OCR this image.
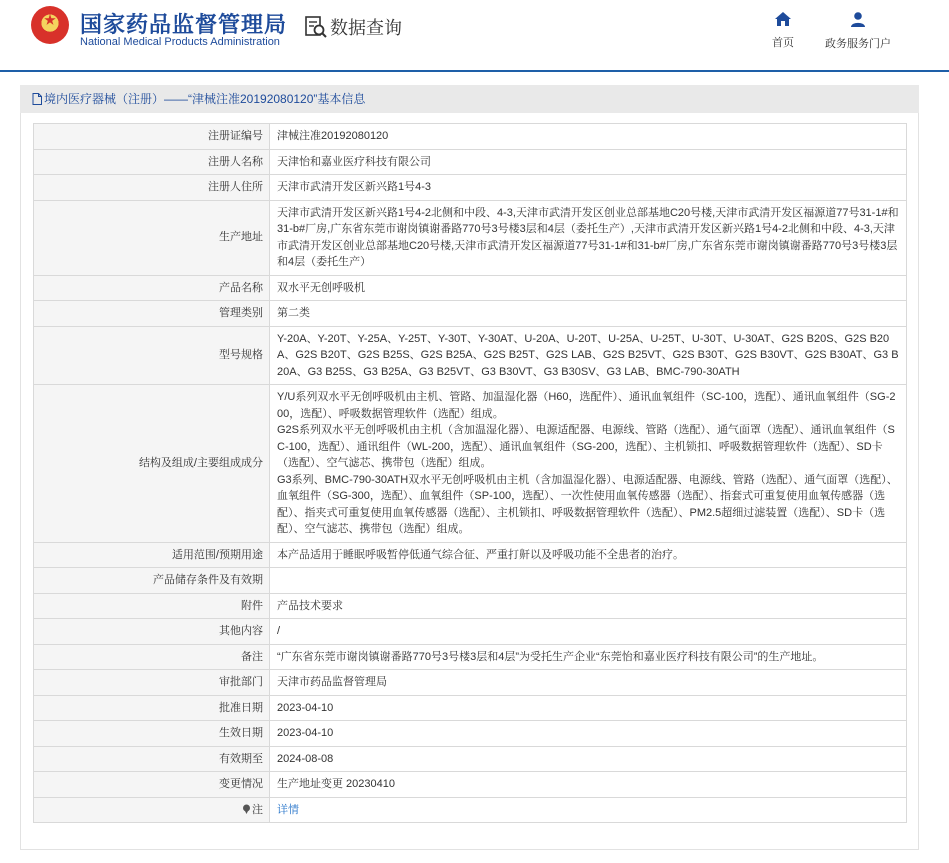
国家药品监督管理局
National Medical Products Administration
数据查询
首页	政务服务门户
境内医疗器械（注册）——“津械注准20192080120”基本信息
注册证编号	津械注准20192080120
注册人名称	天津怡和嘉业医疗科技有限公司
注册人住所	天津市武清开发区新兴路1号4-3
生产地址	天津市武清开发区新兴路1号4-2北侧和中段、4-3,天津市武清开发区创业总部基地C20号楼,天津市武清开发区福源道77号31-1#和31-b#厂房,广东省东莞市谢岗镇谢番路770号3号楼3层和4层（委托生产）,天津市武清开发区新兴路1号4-2北侧和中段、4-3,天津市武清开发区创业总部基地C20号楼,天津市武清开发区福源道77号31-1#和31-b#厂房,广东省东莞市谢岗镇谢番路770号3号楼3层和4层（委托生产）
产品名称	双水平无创呼吸机
管理类别	第二类
型号规格	Y-20A、Y-20T、Y-25A、Y-25T、Y-30T、Y-30AT、U-20A、U-20T、U-25A、U-25T、U-30T、U-30AT、G2S B20S、G2S B20A、G2S B20T、G2S B25S、G2S B25A、G2S B25T、G2S LAB、G2S B25VT、G2S B30T、G2S B30VT、G2S B30AT、G3 B20A、G3 B25S、G3 B25A、G3 B25VT、G3 B30VT、G3 B30SV、G3 LAB、BMC-790-30ATH
结构及组成/主要组成成分	Y/U系列双水平无创呼吸机由主机、管路、加温湿化器（H60，选配件）、通讯血氧组件（SC-100，选配）、通讯血氧组件（SG-200，选配）、呼吸数据管理软件（选配）组成。
G2S系列双水平无创呼吸机由主机（含加温湿化器）、电源适配器、电源线、管路（选配）、通气面罩（选配）、通讯血氧组件（SC-100，选配）、通讯组件（WL-200，选配）、通讯血氧组件（SG-200，选配）、主机锁扣、呼吸数据管理软件（选配）、SD卡（选配）、空气滤芯、携带包（选配）组成。
G3系列、BMC-790-30ATH双水平无创呼吸机由主机（含加温湿化器）、电源适配器、电源线、管路（选配）、通气面罩（选配）、血氧组件（SG-300，选配）、血氧组件（SP-100，选配）、一次性使用血氧传感器（选配）、指套式可重复使用血氧传感器（选配）、指夹式可重复使用血氧传感器（选配）、主机锁扣、呼吸数据管理软件（选配）、PM2.5超细过滤装置（选配）、SD卡（选配）、空气滤芯、携带包（选配）组成。

适用范围/预期用途	本产品适用于睡眠呼吸暂停低通气综合征、严重打鼾以及呼吸功能不全患者的治疗。
产品储存条件及有效期	
附件	产品技术要求
其他内容	/
备注	“广东省东莞市谢岗镇谢番路770号3号楼3层和4层”为受托生产企业“东莞怡和嘉业医疗科技有限公司”的生产地址。
审批部门	天津市药品监督管理局
批准日期	2023-04-10
生效日期	2023-04-10
有效期至	2024-08-08
变更情况	生产地址变更 20230410
注	详情
